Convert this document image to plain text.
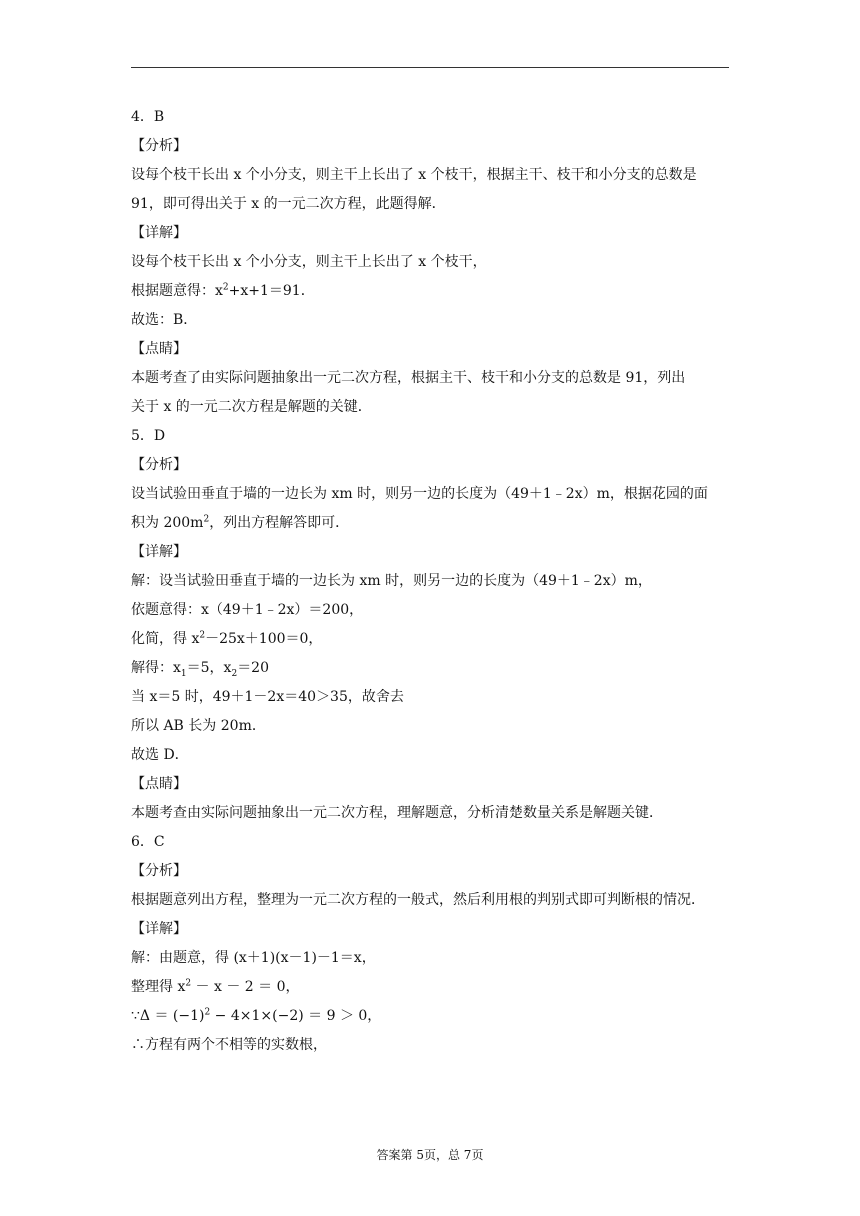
4．B
【分析】
设每个枝干长出 x 个小分支，则主干上长出了 x 个枝干，根据主干、枝干和小分支的总数是
91，即可得出关于 x 的一元二次方程，此题得解．
【详解】
设每个枝干长出 x 个小分支，则主干上长出了 x 个枝干，
根据题意得：$x^2+x+1=91$．
故选：B．
【点睛】
本题考查了由实际问题抽象出一元二次方程，根据主干、枝干和小分支的总数是 91，列出
关于 x 的一元二次方程是解题的关键．
5．D
【分析】
设当试验田垂直于墙的一边长为 xm 时，则另一边的长度为（49＋1﹣2x）m，根据花园的面
积为 $200m^2$，列出方程解答即可．
【详解】
解：设当试验田垂直于墙的一边长为 xm 时，则另一边的长度为（49＋1﹣2x）m，
依题意得：x（49＋1﹣2x）＝200，
化简，得 $x^2-25x+100=0$，
解得：$x_1=5$，$x_2=20$
当 x＝5 时，49＋1－2x＝40＞35，故舍去
所以 AB 长为 20m．
故选 D．
【点睛】
本题考查由实际问题抽象出一元二次方程，理解题意，分析清楚数量关系是解题关键．
6．C
【分析】
根据题意列出方程，整理为一元二次方程的一般式，然后利用根的判别式即可判断根的情况．
【详解】
解：由题意，得 (x＋1)(x－1)－1＝x，
整理得 $x^2 - x - 2 = 0$，
∵Δ ＝ $(-1)^2 - 4\times 1\times(-2) = 9 > 0$，
∴方程有两个不相等的实数根，
答案第 5页，总 7页
